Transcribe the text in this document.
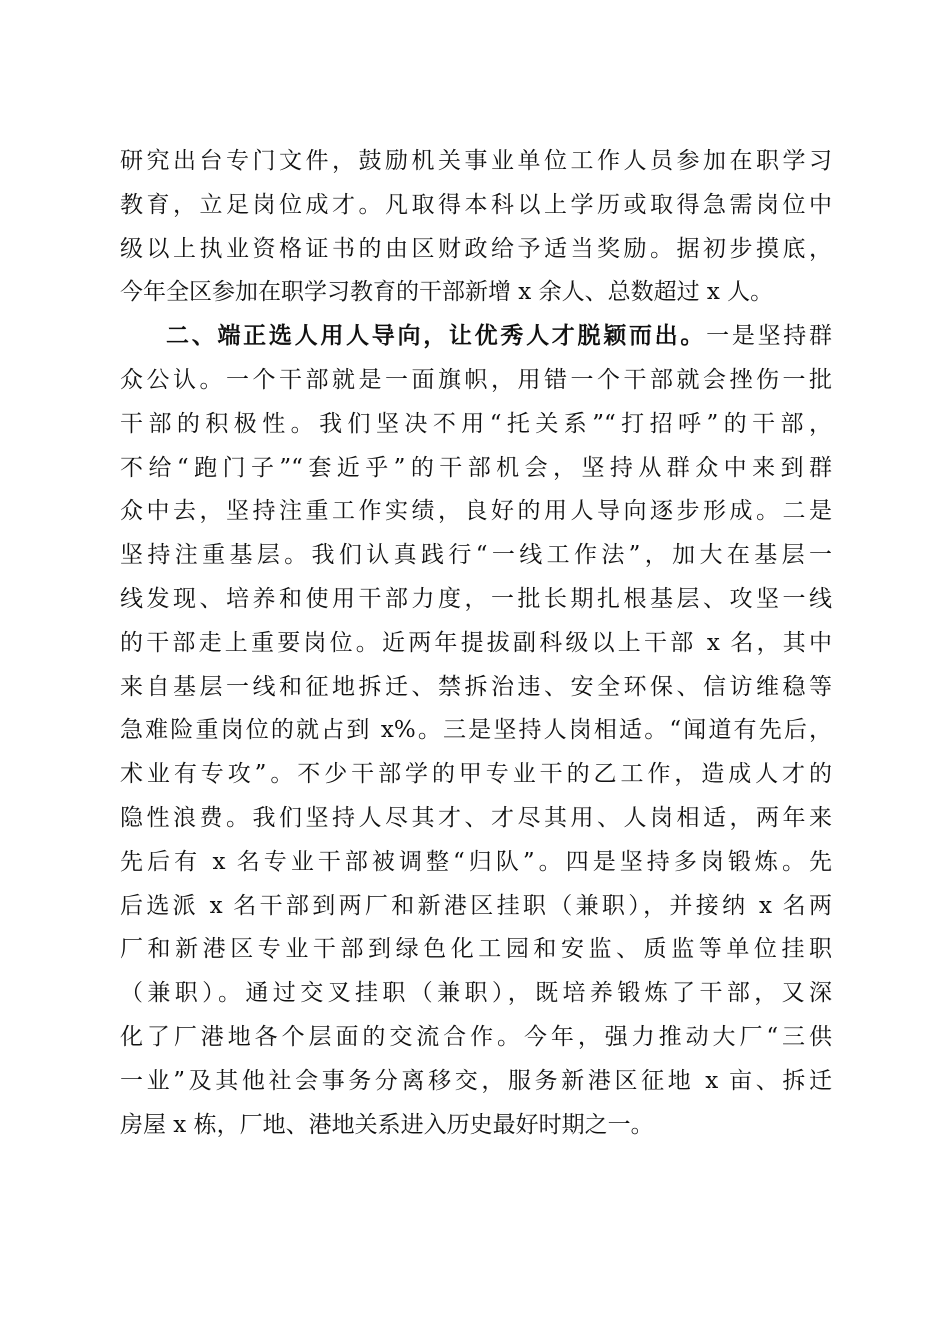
研究出台专门文件，鼓励机关事业单位工作人员参加在职学习
教育，立足岗位成才。凡取得本科以上学历或取得急需岗位中
级以上执业资格证书的由区财政给予适当奖励。据初步摸底，
今年全区参加在职学习教育的干部新增 x 余人、总数超过 x 人。
二、端正选人用人导向，让优秀人才脱颖而出。一是坚持群
众公认。一个干部就是一面旗帜，用错一个干部就会挫伤一批
干部的积极性。我们坚决不用“托关系”“打招呼”的干部，
不给“跑门子”“套近乎”的干部机会，坚持从群众中来到群
众中去，坚持注重工作实绩，良好的用人导向逐步形成。二是
坚持注重基层。我们认真践行“一线工作法”，加大在基层一
线发现、培养和使用干部力度，一批长期扎根基层、攻坚一线
的干部走上重要岗位。近两年提拔副科级以上干部 x 名，其中
来自基层一线和征地拆迁、禁拆治违、安全环保、信访维稳等
急难险重岗位的就占到 x%。三是坚持人岗相适。“闻道有先后，
术业有专攻”。不少干部学的甲专业干的乙工作，造成人才的
隐性浪费。我们坚持人尽其才、才尽其用、人岗相适，两年来
先后有 x 名专业干部被调整“归队”。四是坚持多岗锻炼。先
后选派 x 名干部到两厂和新港区挂职（兼职），并接纳 x 名两
厂和新港区专业干部到绿色化工园和安监、质监等单位挂职
（兼职）。通过交叉挂职（兼职），既培养锻炼了干部，又深
化了厂港地各个层面的交流合作。今年，强力推动大厂“三供
一业”及其他社会事务分离移交，服务新港区征地 x 亩、拆迁
房屋 x 栋，厂地、港地关系进入历史最好时期之一。
